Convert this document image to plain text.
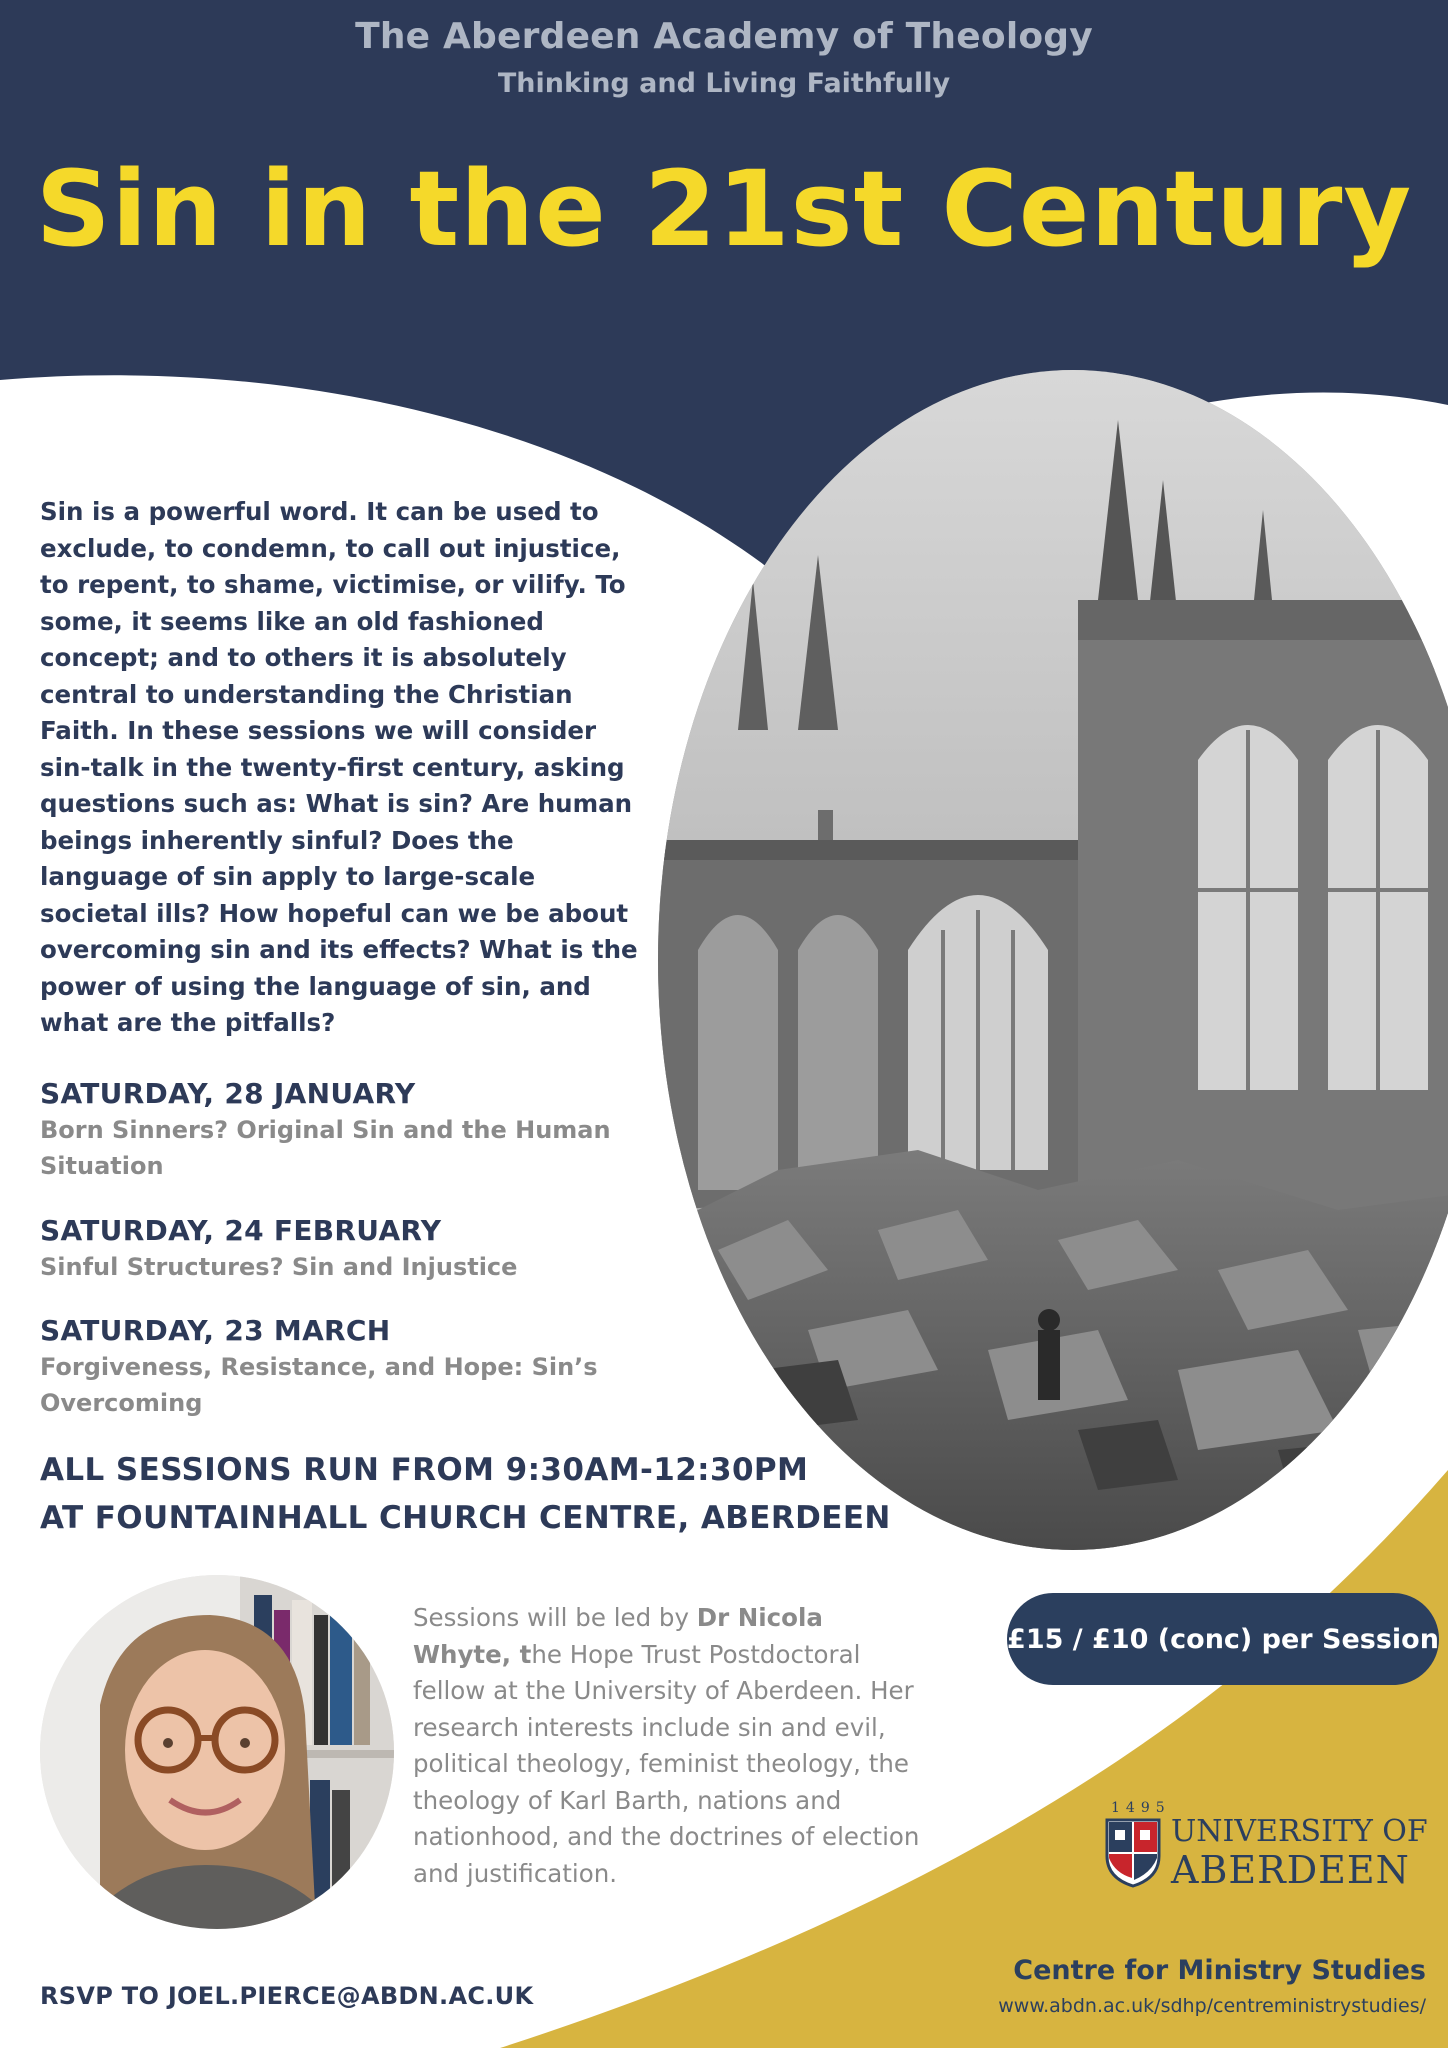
The Aberdeen Academy of Theology
Thinking and Living Faithfully
Sin in the 21st Century

Sin is a powerful word. It can be used to exclude, to condemn, to call out injustice, to repent, to shame, victimise, or vilify. To some, it seems like an old fashioned concept; and to others it is absolutely central to understanding the Christian Faith. In these sessions we will consider sin-talk in the twenty-first century, asking questions such as: What is sin? Are human beings inherently sinful? Does the language of sin apply to large-scale societal ills? How hopeful can we be about overcoming sin and its effects? What is the power of using the language of sin, and what are the pitfalls?

SATURDAY, 28 JANUARY
Born Sinners? Original Sin and the Human Situation
SATURDAY, 24 FEBRUARY
Sinful Structures? Sin and Injustice
SATURDAY, 23 MARCH
Forgiveness, Resistance, and Hope: Sin’s Overcoming
ALL SESSIONS RUN FROM 9:30AM-12:30PM
AT FOUNTAINHALL CHURCH CENTRE, ABERDEEN
Sessions will be led by Dr Nicola Whyte, the Hope Trust Postdoctoral fellow at the University of Aberdeen. Her research interests include sin and evil, political theology, feminist theology, the theology of Karl Barth, nations and nationhood, and the doctrines of election and justification.
£15 / £10 (conc) per Session
1495
UNIVERSITY OF
ABERDEEN
Centre for Ministry Studies
www.abdn.ac.uk/sdhp/centreministrystudies/
RSVP TO JOEL.PIERCE@ABDN.AC.UK
